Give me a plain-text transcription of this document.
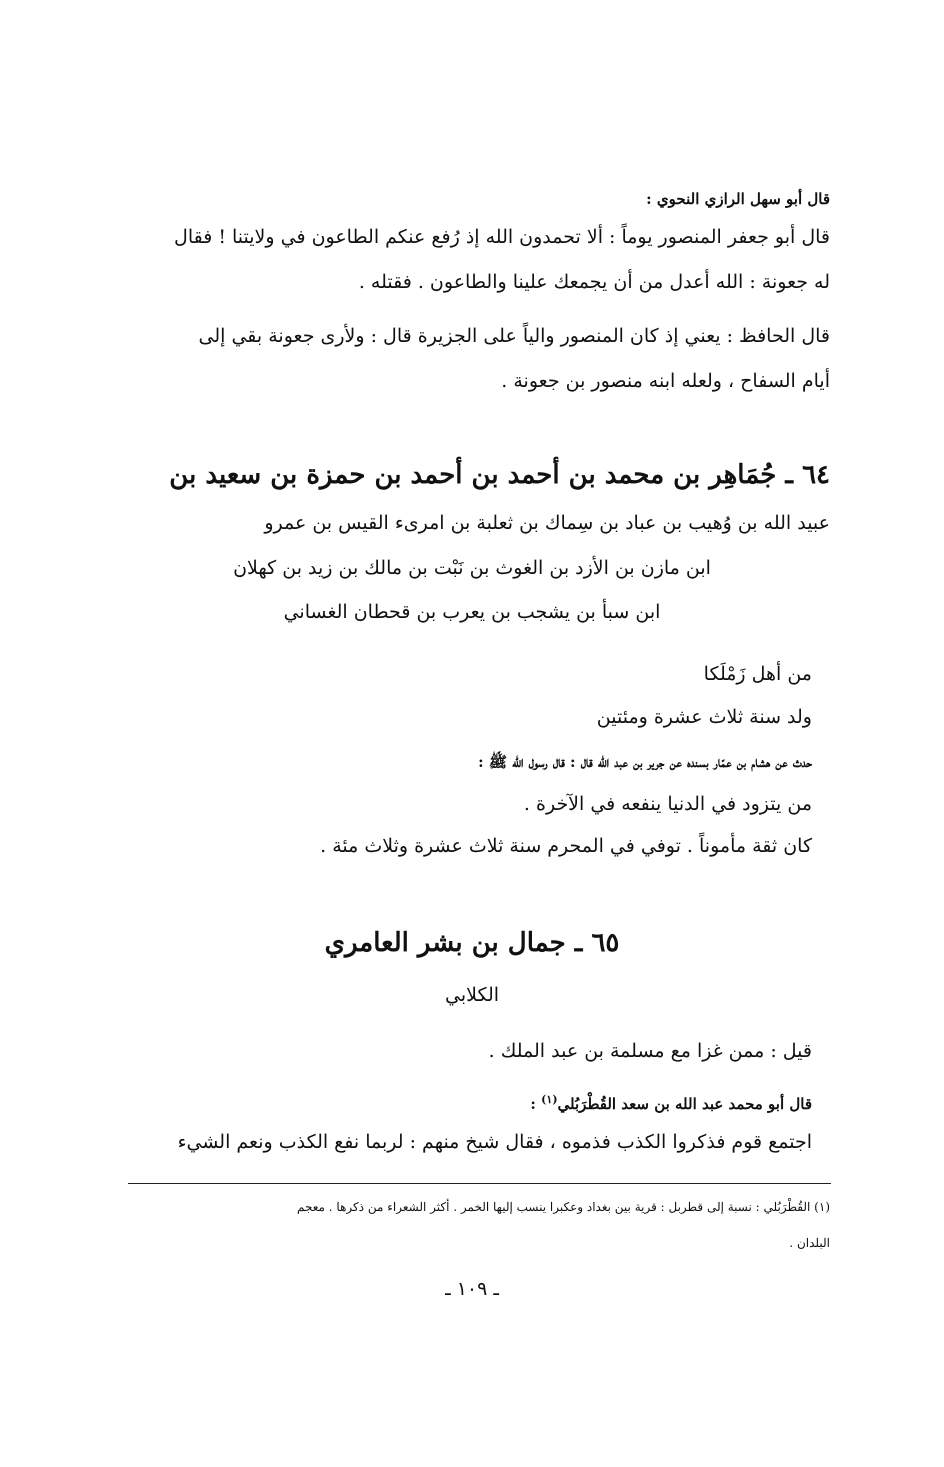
قال أبو سهل الرازي النحوي :
قال أبو جعفر المنصور يوماً : ألا تحمدون الله إذ رُفع عنكم الطاعون في ولايتنا ! فقال
له جعونة : الله أعدل من أن يجمعك علينا والطاعون . فقتله .
قال الحافظ : يعني إذ كان المنصور والياً على الجزيرة قال : ولأرى جعونة بقي إلى
أيام السفاح ، ولعله ابنه منصور بن جعونة .
٦٤ ـ جُمَاهِر بن محمد بن أحمد بن أحمد بن حمزة بن سعيد بن
عبيد الله بن وُهيب بن عباد بن سِماك بن ثعلبة بن امرىء القيس بن عمرو
ابن مازن بن الأزد بن الغوث بن نَبْت بن مالك بن زيد بن كهلان
ابن سبأ بن يشجب بن يعرب بن قحطان الغساني
من أهل زَمْلَكا
ولد سنة ثلاث عشرة ومئتين
حدث عن هشام بن عمّار بسنده عن جرير بن عبد الله قال : قال رسول الله ﷺ :
من يتزود في الدنيا ينفعه في الآخرة .
كان ثقة مأموناً . توفي في المحرم سنة ثلاث عشرة وثلاث مئة .
٦٥ ـ جمال بن بشر العامري
الكلابي
قيل : ممن غزا مع مسلمة بن عبد الملك .
قال أبو محمد عبد الله بن سعد القُطْرَبُلي$^{(١)}$ :
اجتمع قوم فذكروا الكذب فذموه ، فقال شيخ منهم : لربما نفع الكذب ونعم الشيء
(١) القُطْرَبُلي : نسبة إلى قطربل : قرية بين بغداد وعكبرا ينسب إليها الخمر . أكثر الشعراء من ذكرها . معجم
البلدان .
ـ ١٠٩ ـ
